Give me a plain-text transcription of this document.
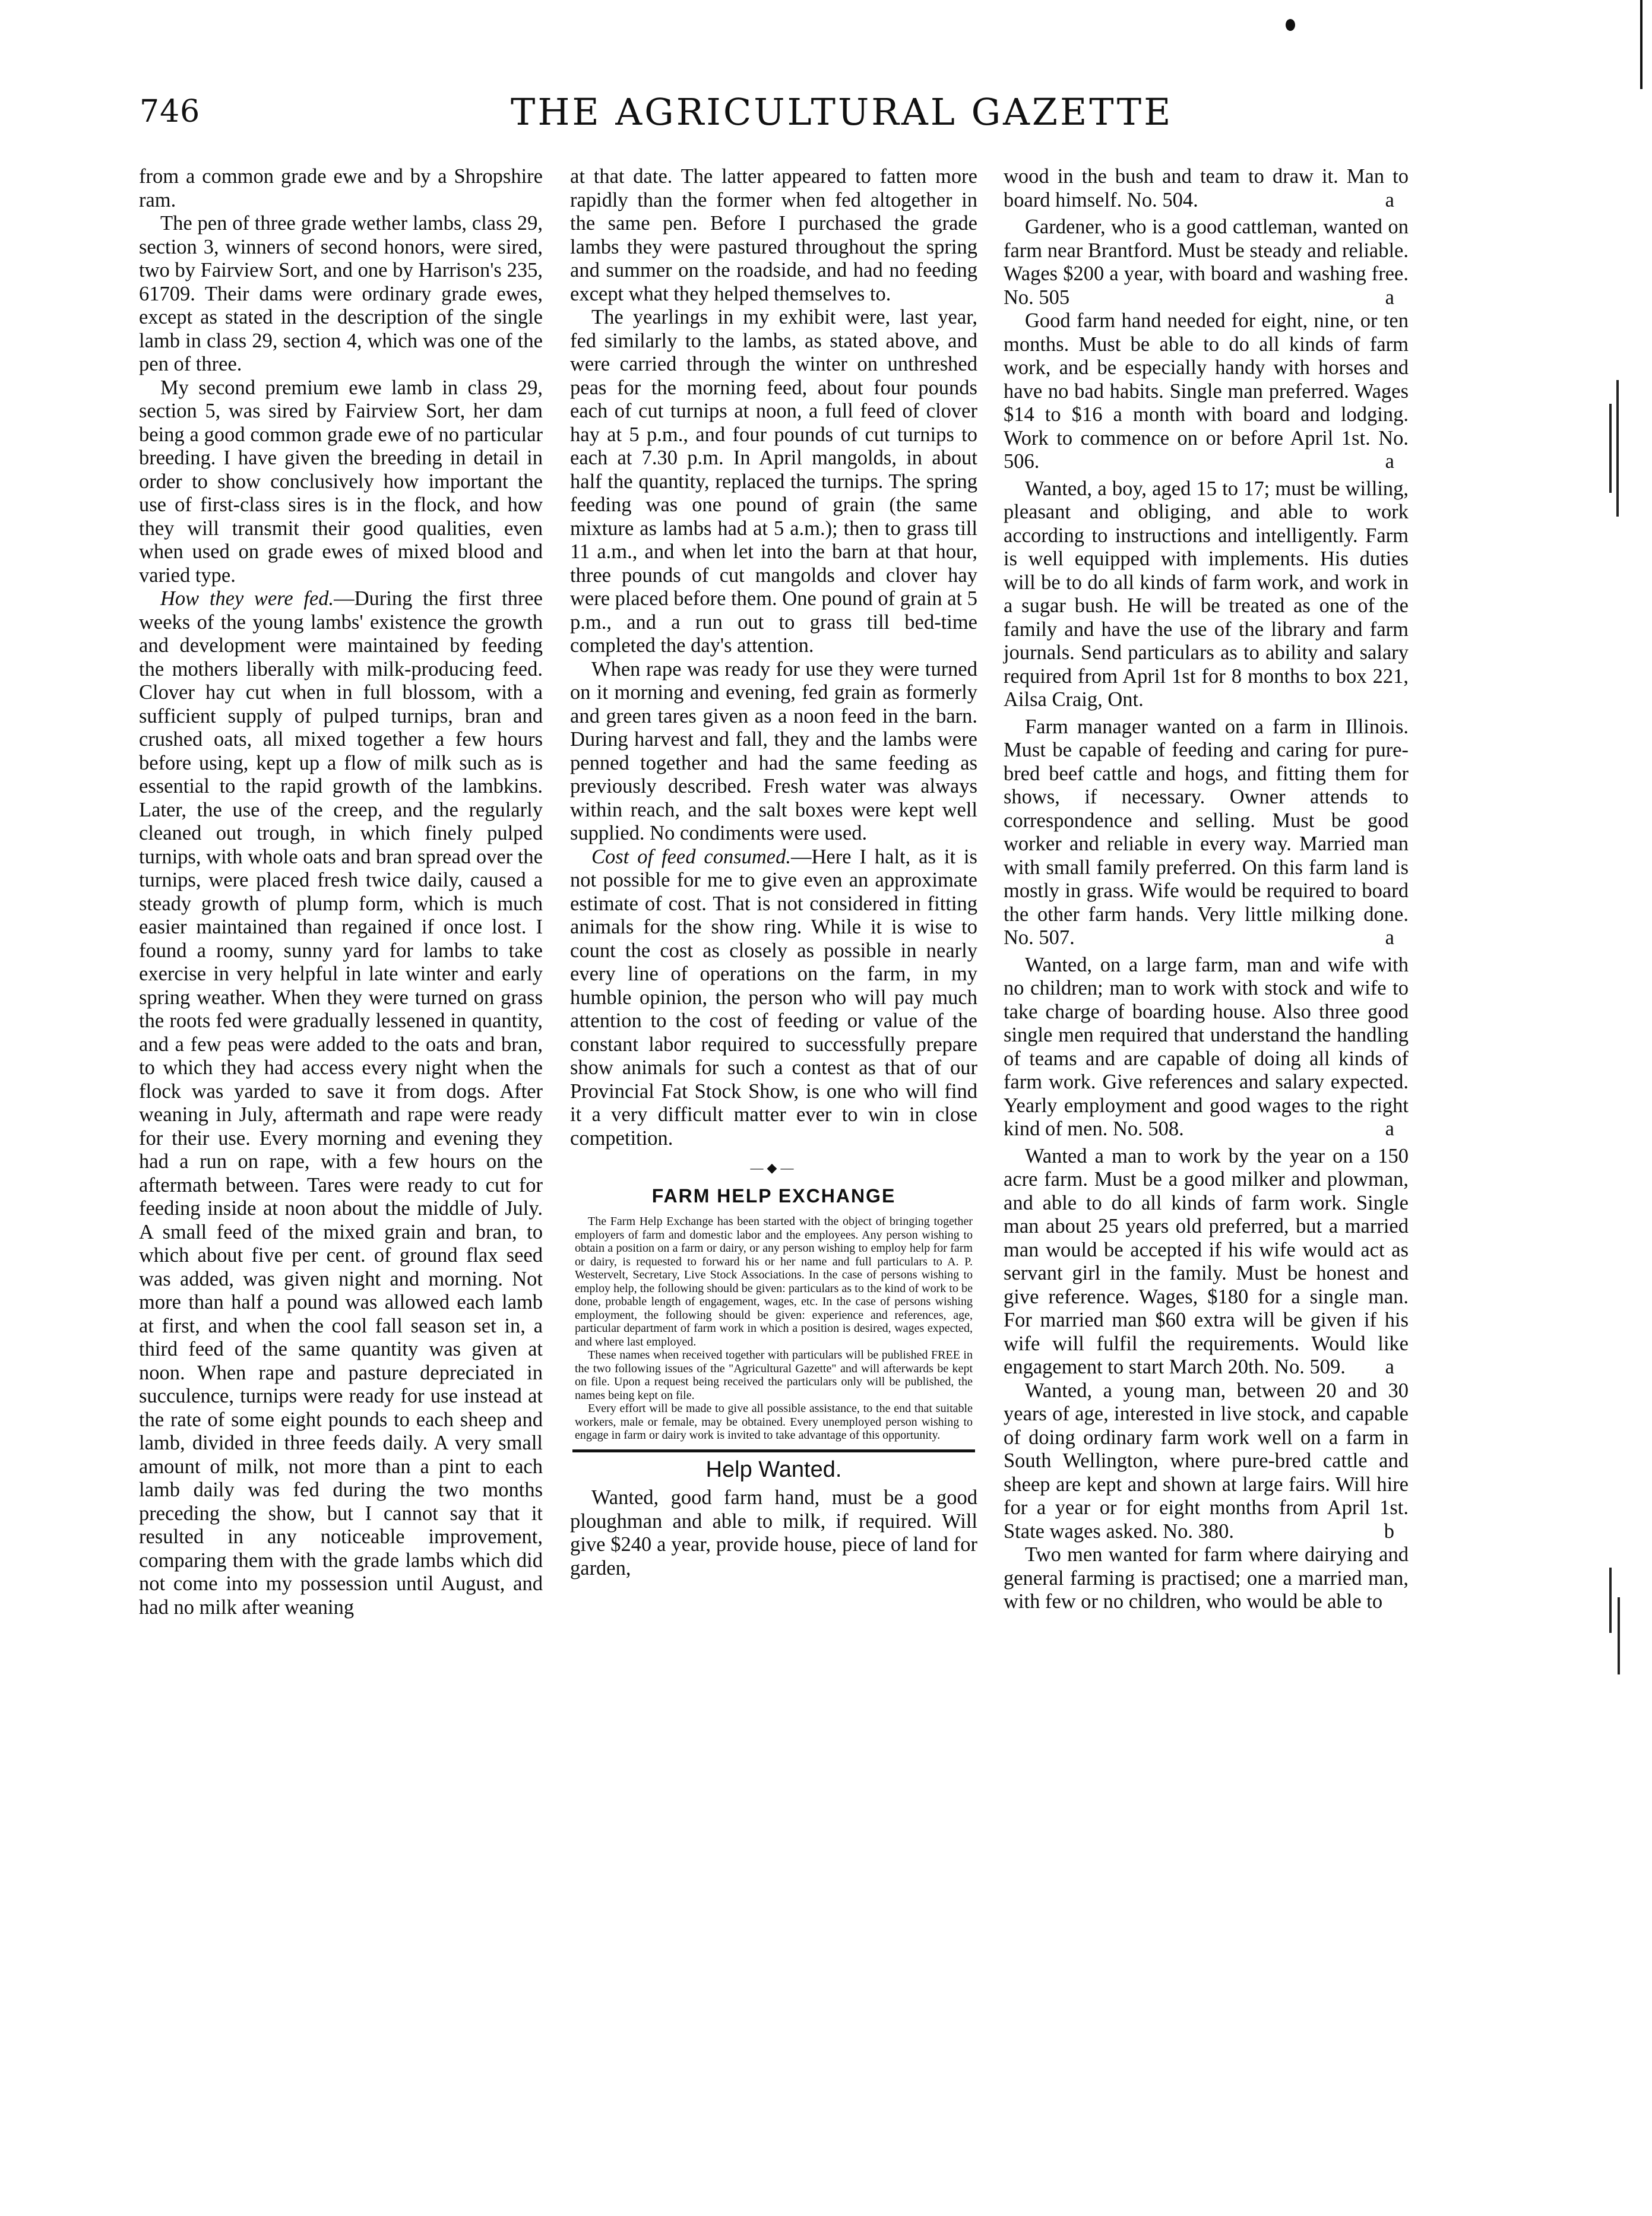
746	THE AGRICULTURAL GAZETTE

from a common grade ewe and by a Shropshire ram.

The pen of three grade wether lambs, class 29, section 3, winners of second honors, were sired, two by Fairview Sort, and one by Harrison's 235, 61709. Their dams were ordinary grade ewes, except as stated in the description of the single lamb in class 29, section 4, which was one of the pen of three.

My second premium ewe lamb in class 29, section 5, was sired by Fairview Sort, her dam being a good common grade ewe of no particular breeding. I have given the breeding in detail in order to show conclusively how important the use of first-class sires is in the flock, and how they will transmit their good qualities, even when used on grade ewes of mixed blood and varied type.

How they were fed.—During the first three weeks of the young lambs' existence the growth and development were maintained by feeding the mothers liberally with milk-producing feed. Clover hay cut when in full blossom, with a sufficient supply of pulped turnips, bran and crushed oats, all mixed together a few hours before using, kept up a flow of milk such as is essential to the rapid growth of the lambkins. Later, the use of the creep, and the regularly cleaned out trough, in which finely pulped turnips, with whole oats and bran spread over the turnips, were placed fresh twice daily, caused a steady growth of plump form, which is much easier maintained than regained if once lost. I found a roomy, sunny yard for lambs to take exercise in very helpful in late winter and early spring weather. When they were turned on grass the roots fed were gradually lessened in quantity, and a few peas were added to the oats and bran, to which they had access every night when the flock was yarded to save it from dogs. After weaning in July, aftermath and rape were ready for their use. Every morning and evening they had a run on rape, with a few hours on the aftermath between. Tares were ready to cut for feeding inside at noon about the middle of July. A small feed of the mixed grain and bran, to which about five per cent. of ground flax seed was added, was given night and morning. Not more than half a pound was allowed each lamb at first, and when the cool fall season set in, a third feed of the same quantity was given at noon. When rape and pasture depreciated in succulence, turnips were ready for use instead at the rate of some eight pounds to each sheep and lamb, divided in three feeds daily. A very small amount of milk, not more than a pint to each lamb daily was fed during the two months preceding the show, but I cannot say that it resulted in any noticeable improvement, comparing them with the grade lambs which did not come into my possession until August, and had no milk after weaning

at that date. The latter appeared to fatten more rapidly than the former when fed altogether in the same pen. Before I purchased the grade lambs they were pastured throughout the spring and summer on the roadside, and had no feeding except what they helped themselves to.

The yearlings in my exhibit were, last year, fed similarly to the lambs, as stated above, and were carried through the winter on unthreshed peas for the morning feed, about four pounds each of cut turnips at noon, a full feed of clover hay at 5 p.m., and four pounds of cut turnips to each at 7.30 p.m. In April mangolds, in about half the quantity, replaced the turnips. The spring feeding was one pound of grain (the same mixture as lambs had at 5 a.m.); then to grass till 11 a.m., and when let into the barn at that hour, three pounds of cut mangolds and clover hay were placed before them. One pound of grain at 5 p.m., and a run out to grass till bed-time completed the day's attention.

When rape was ready for use they were turned on it morning and evening, fed grain as formerly and green tares given as a noon feed in the barn. During harvest and fall, they and the lambs were penned together and had the same feeding as previously described. Fresh water was always within reach, and the salt boxes were kept well supplied. No condiments were used.

Cost of feed consumed.—Here I halt, as it is not possible for me to give even an approximate estimate of cost. That is not considered in fitting animals for the show ring. While it is wise to count the cost as closely as possible in nearly every line of operations on the farm, in my humble opinion, the person who will pay much attention to the cost of feeding or value of the constant labor required to successfully prepare show animals for such a contest as that of our Provincial Fat Stock Show, is one who will find it a very difficult matter ever to win in close competition.

—◆—
FARM HELP EXCHANGE

The Farm Help Exchange has been started with the object of bringing together employers of farm and domestic labor and the employees. Any person wishing to obtain a position on a farm or dairy, or any person wishing to employ help for farm or dairy, is requested to forward his or her name and full particulars to A. P. Westervelt, Secretary, Live Stock Associations. In the case of persons wishing to employ help, the following should be given: particulars as to the kind of work to be done, probable length of engagement, wages, etc. In the case of persons wishing employment, the following should be given: experience and references, age, particular department of farm work in which a position is desired, wages expected, and where last employed.

These names when received together with particulars will be published FREE in the two following issues of the "Agricultural Gazette" and will afterwards be kept on file. Upon a request being received the particulars only will be published, the names being kept on file.

Every effort will be made to give all possible assistance, to the end that suitable workers, male or female, may be obtained. Every unemployed person wishing to engage in farm or dairy work is invited to take advantage of this opportunity.

Help Wanted.

Wanted, good farm hand, must be a good ploughman and able to milk, if required. Will give $240 a year, provide house, piece of land for garden,

wood in the bush and team to draw it. Man to board himself. No. 504.	a

Gardener, who is a good cattleman, wanted on farm near Brantford. Must be steady and reliable. Wages $200 a year, with board and washing free. No. 505	a

Good farm hand needed for eight, nine, or ten months. Must be able to do all kinds of farm work, and be especially handy with horses and have no bad habits. Single man preferred. Wages $14 to $16 a month with board and lodging. Work to commence on or before April 1st. No. 506.	a

Wanted, a boy, aged 15 to 17; must be willing, pleasant and obliging, and able to work according to instructions and intelligently. Farm is well equipped with implements. His duties will be to do all kinds of farm work, and work in a sugar bush. He will be treated as one of the family and have the use of the library and farm journals. Send particulars as to ability and salary required from April 1st for 8 months to box 221, Ailsa Craig, Ont.

Farm manager wanted on a farm in Illinois. Must be capable of feeding and caring for pure-bred beef cattle and hogs, and fitting them for shows, if necessary. Owner attends to correspondence and selling. Must be good worker and reliable in every way. Married man with small family preferred. On this farm land is mostly in grass. Wife would be required to board the other farm hands. Very little milking done. No. 507.	a

Wanted, on a large farm, man and wife with no children; man to work with stock and wife to take charge of boarding house. Also three good single men required that understand the handling of teams and are capable of doing all kinds of farm work. Give references and salary expected. Yearly employment and good wages to the right kind of men. No. 508.	a

Wanted a man to work by the year on a 150 acre farm. Must be a good milker and plowman, and able to do all kinds of farm work. Single man about 25 years old preferred, but a married man would be accepted if his wife would act as servant girl in the family. Must be honest and give reference. Wages, $180 for a single man. For married man $60 extra will be given if his wife will fulfil the requirements. Would like engagement to start March 20th. No. 509.	a

Wanted, a young man, between 20 and 30 years of age, interested in live stock, and capable of doing ordinary farm work well on a farm in South Wellington, where pure-bred cattle and sheep are kept and shown at large fairs. Will hire for a year or for eight months from April 1st. State wages asked. No. 380.	b

Two men wanted for farm where dairying and general farming is practised; one a married man, with few or no children, who would be able to
